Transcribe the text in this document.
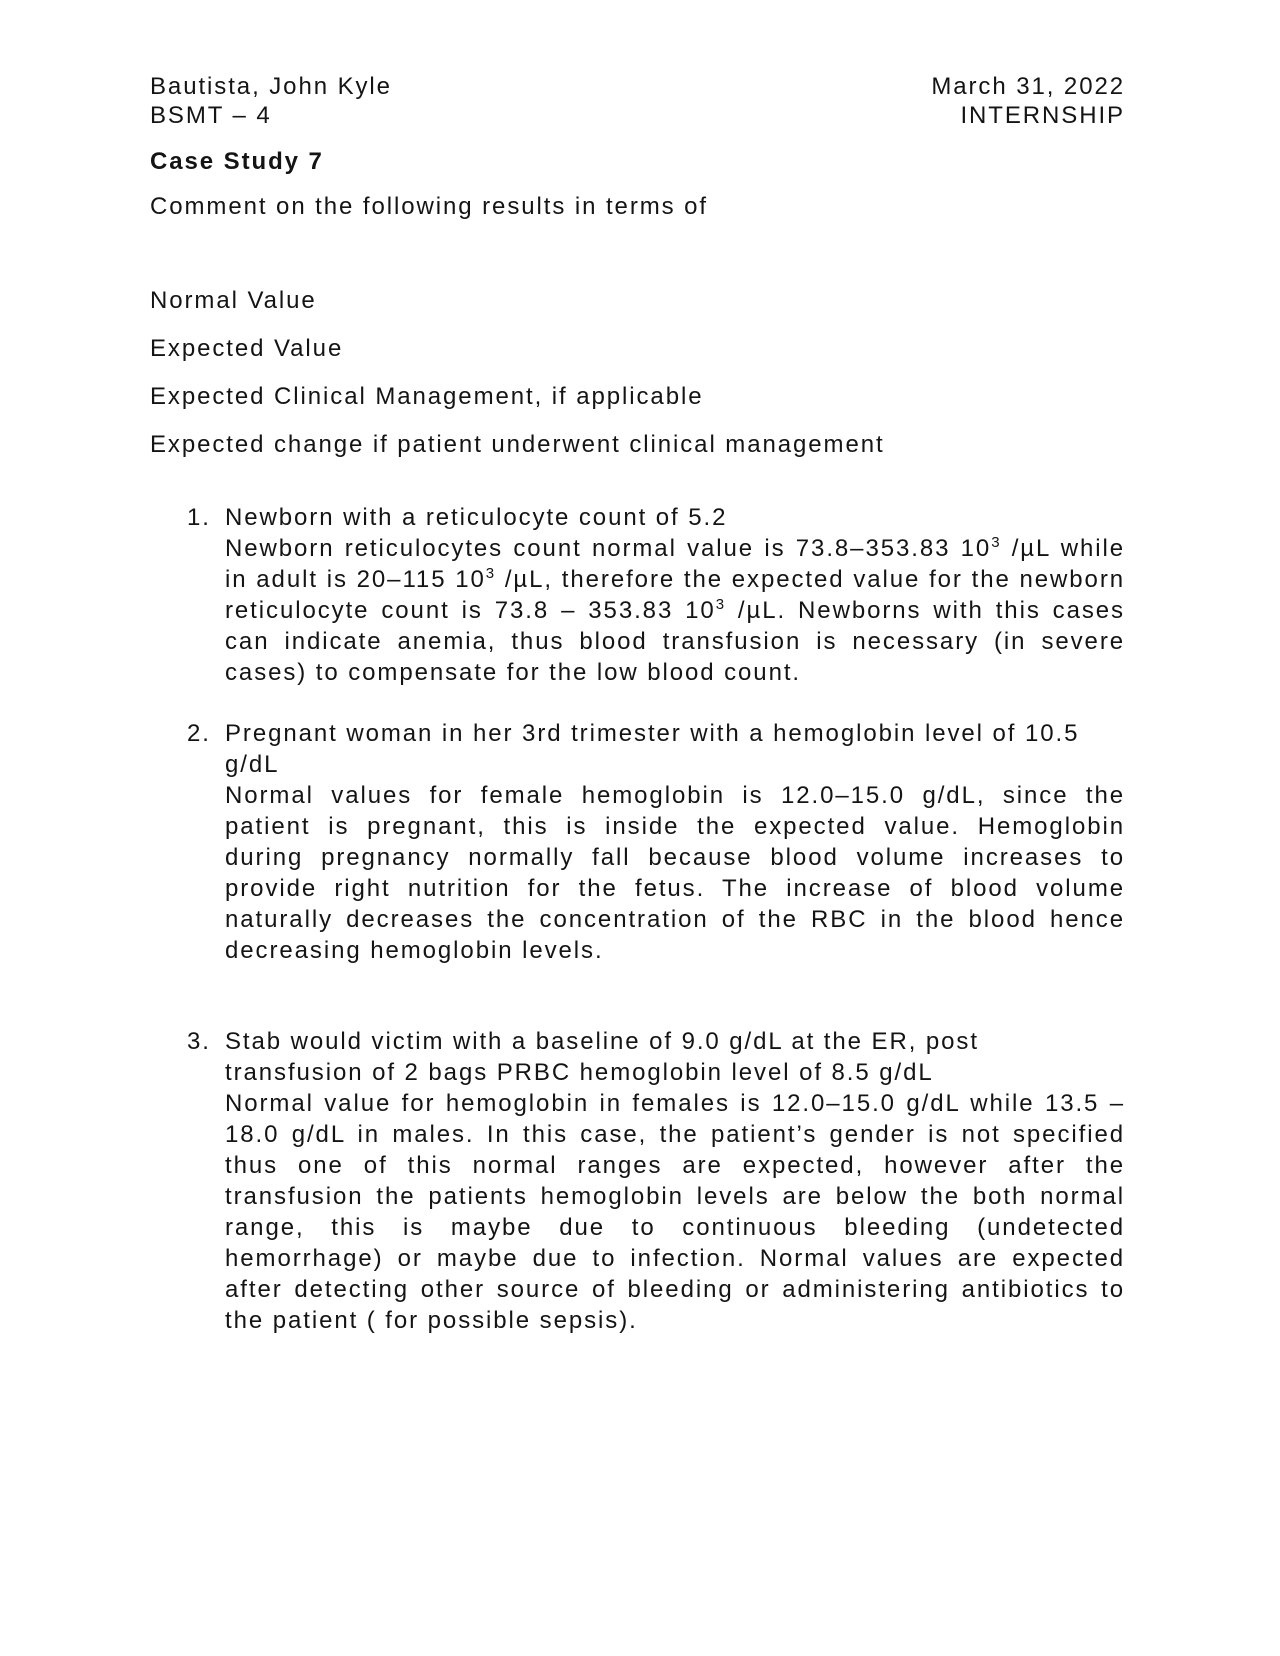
Bautista, John Kyle
BSMT – 4
March 31, 2022
INTERNSHIP
Case Study 7
Comment on the following results in terms of
Normal Value
Expected Value
Expected Clinical Management, if applicable
Expected change if patient underwent clinical management
1. Newborn with a reticulocyte count of 5.2
Newborn reticulocytes count normal value is 73.8–353.83 $10^3$ /µL while in adult is 20–115 $10^3$ /µL, therefore the expected value for the newborn reticulocyte count is 73.8 – 353.83 $10^3$ /µL. Newborns with this cases can indicate anemia, thus blood transfusion is necessary (in severe cases) to compensate for the low blood count.
2. Pregnant woman in her 3rd trimester with a hemoglobin level of 10.5 g/dL
Normal values for female hemoglobin is 12.0–15.0 g/dL, since the patient is pregnant, this is inside the expected value. Hemoglobin during pregnancy normally fall because blood volume increases to provide right nutrition for the fetus. The increase of blood volume naturally decreases the concentration of the RBC in the blood hence decreasing hemoglobin levels.
3. Stab would victim with a baseline of 9.0 g/dL at the ER, post transfusion of 2 bags PRBC hemoglobin level of 8.5 g/dL
Normal value for hemoglobin in females is 12.0–15.0 g/dL while 13.5 – 18.0 g/dL in males. In this case, the patient’s gender is not specified thus one of this normal ranges are expected, however after the transfusion the patients hemoglobin levels are below the both normal range, this is maybe due to continuous bleeding (undetected hemorrhage) or maybe due to infection. Normal values are expected after detecting other source of bleeding or administering antibiotics to the patient ( for possible sepsis).
